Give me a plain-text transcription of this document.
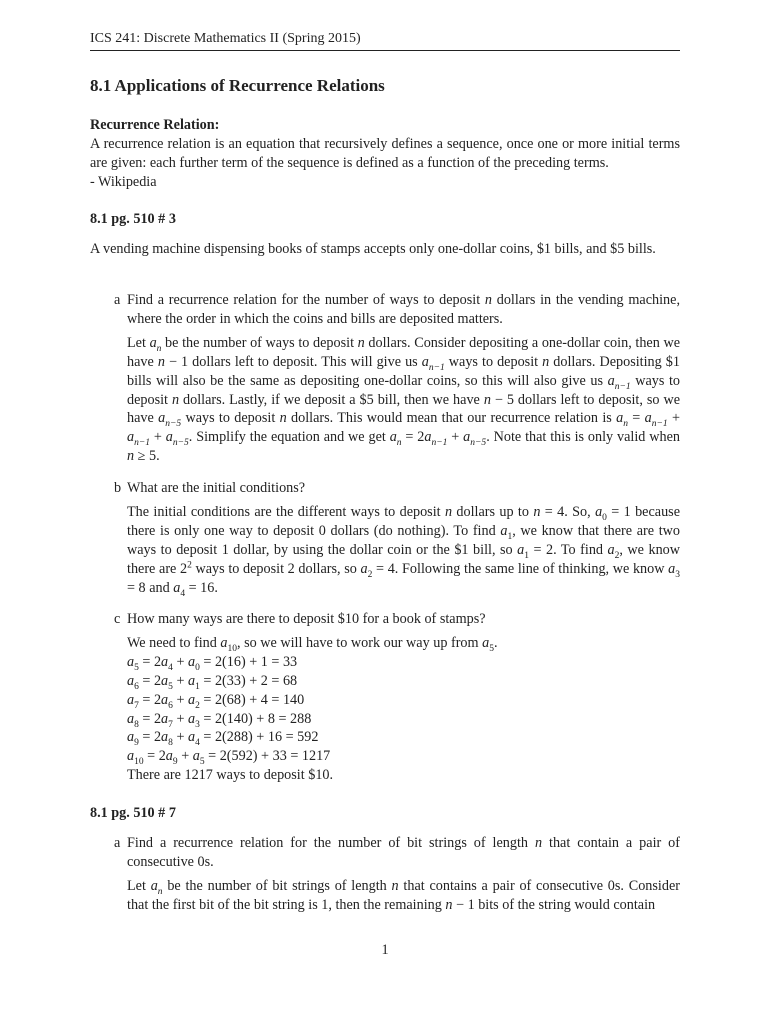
ICS 241: Discrete Mathematics II (Spring 2015)
8.1 Applications of Recurrence Relations
Recurrence Relation:
A recurrence relation is an equation that recursively defines a sequence, once one or more initial terms are given: each further term of the sequence is defined as a function of the preceding terms.
- Wikipedia
8.1 pg. 510 # 3
A vending machine dispensing books of stamps accepts only one-dollar coins, $1 bills, and $5 bills.
a Find a recurrence relation for the number of ways to deposit n dollars in the vending machine, where the order in which the coins and bills are deposited matters.
Let $a_n$ be the number of ways to deposit n dollars. Consider depositing a one-dollar coin, then we have n − 1 dollars left to deposit. This will give us $a_{n-1}$ ways to deposit n dollars. Depositing $1 bills will also be the same as depositing one-dollar coins, so this will also give us $a_{n-1}$ ways to deposit n dollars. Lastly, if we deposit a $5 bill, then we have n − 5 dollars left to deposit, so we have $a_{n-5}$ ways to deposit n dollars. This would mean that our recurrence relation is $a_n = a_{n-1} + a_{n-1} + a_{n-5}$. Simplify the equation and we get $a_n = 2a_{n-1} + a_{n-5}$. Note that this is only valid when n ≥ 5.
b What are the initial conditions?
The initial conditions are the different ways to deposit n dollars up to n = 4. So, $a_0 = 1$ because there is only one way to deposit 0 dollars (do nothing). To find $a_1$, we know that there are two ways to deposit 1 dollar, by using the dollar coin or the $1 bill, so $a_1 = 2$. To find $a_2$, we know there are $2^2$ ways to deposit 2 dollars, so $a_2 = 4$. Following the same line of thinking, we know $a_3 = 8$ and $a_4 = 16$.
c How many ways are there to deposit $10 for a book of stamps?
We need to find $a_{10}$, so we will have to work our way up from $a_5$.
$a_5 = 2a_4 + a_0 = 2(16) + 1 = 33$
$a_6 = 2a_5 + a_1 = 2(33) + 2 = 68$
$a_7 = 2a_6 + a_2 = 2(68) + 4 = 140$
$a_8 = 2a_7 + a_3 = 2(140) + 8 = 288$
$a_9 = 2a_8 + a_4 = 2(288) + 16 = 592$
$a_{10} = 2a_9 + a_5 = 2(592) + 33 = 1217$
There are 1217 ways to deposit $10.
8.1 pg. 510 # 7
a Find a recurrence relation for the number of bit strings of length n that contain a pair of consecutive 0s.
Let $a_n$ be the number of bit strings of length n that contains a pair of consecutive 0s. Consider that the first bit of the bit string is 1, then the remaining n − 1 bits of the string would contain
1
